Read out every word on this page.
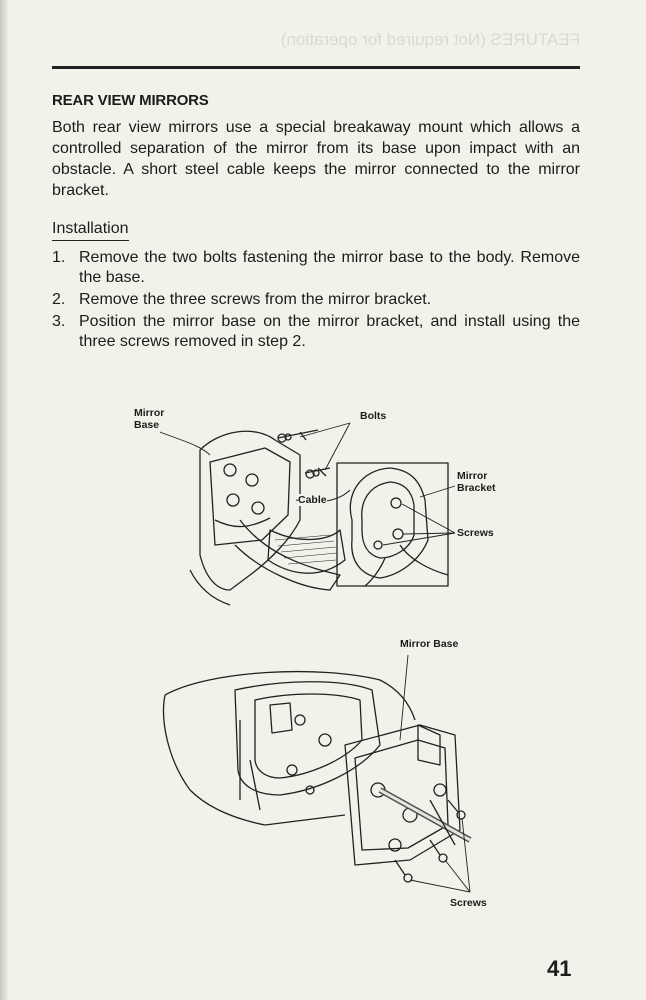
FEATURES (Not required for operation)
REAR VIEW MIRRORS

Both rear view mirrors use a special breakaway mount which allows a controlled separation of the mirror from its base upon impact with an obstacle. A short steel cable keeps the mirror connected to the mirror bracket.

Installation
1. Remove the two bolts fastening the mirror base to the body. Remove the base.
2. Remove the three screws from the mirror bracket.
3. Position the mirror base on the mirror bracket, and install using the three screws removed in step 2.
Mirror
Base
Bolts
Mirror
Bracket
Screws
Cable
Mirror Base
Screws
41
